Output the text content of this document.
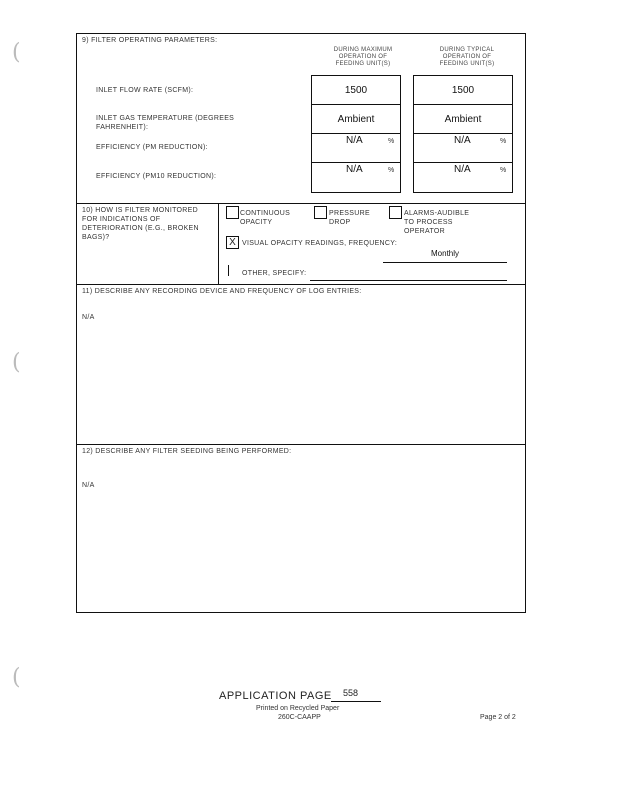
(
(
(
9) FILTER OPERATING PARAMETERS:
DURING MAXIMUM
OPERATION OF
FEEDING UNIT(S)
DURING TYPICAL
OPERATION OF
FEEDING UNIT(S)
INLET FLOW RATE (SCFM):	1500	1500
INLET GAS TEMPERATURE (DEGREES FAHRENHEIT):
Ambient	Ambient
EFFICIENCY (PM REDUCTION):
N/A	%	N/A	%
EFFICIENCY (PM10 REDUCTION):
N/A	%	N/A	%
10) HOW IS FILTER MONITORED FOR INDICATIONS OF DETERIORATION (E.G., BROKEN BAGS)?
CONTINUOUS OPACITY
PRESSURE DROP
ALARMS-AUDIBLE TO PROCESS OPERATOR
X VISUAL OPACITY READINGS, FREQUENCY:
Monthly
OTHER, SPECIFY:
11) DESCRIBE ANY RECORDING DEVICE AND FREQUENCY OF LOG ENTRIES:
N/A
12) DESCRIBE ANY FILTER SEEDING BEING PERFORMED:
N/A
APPLICATION PAGE 558
Printed on Recycled Paper
260C-CAAPP	Page 2 of 2
